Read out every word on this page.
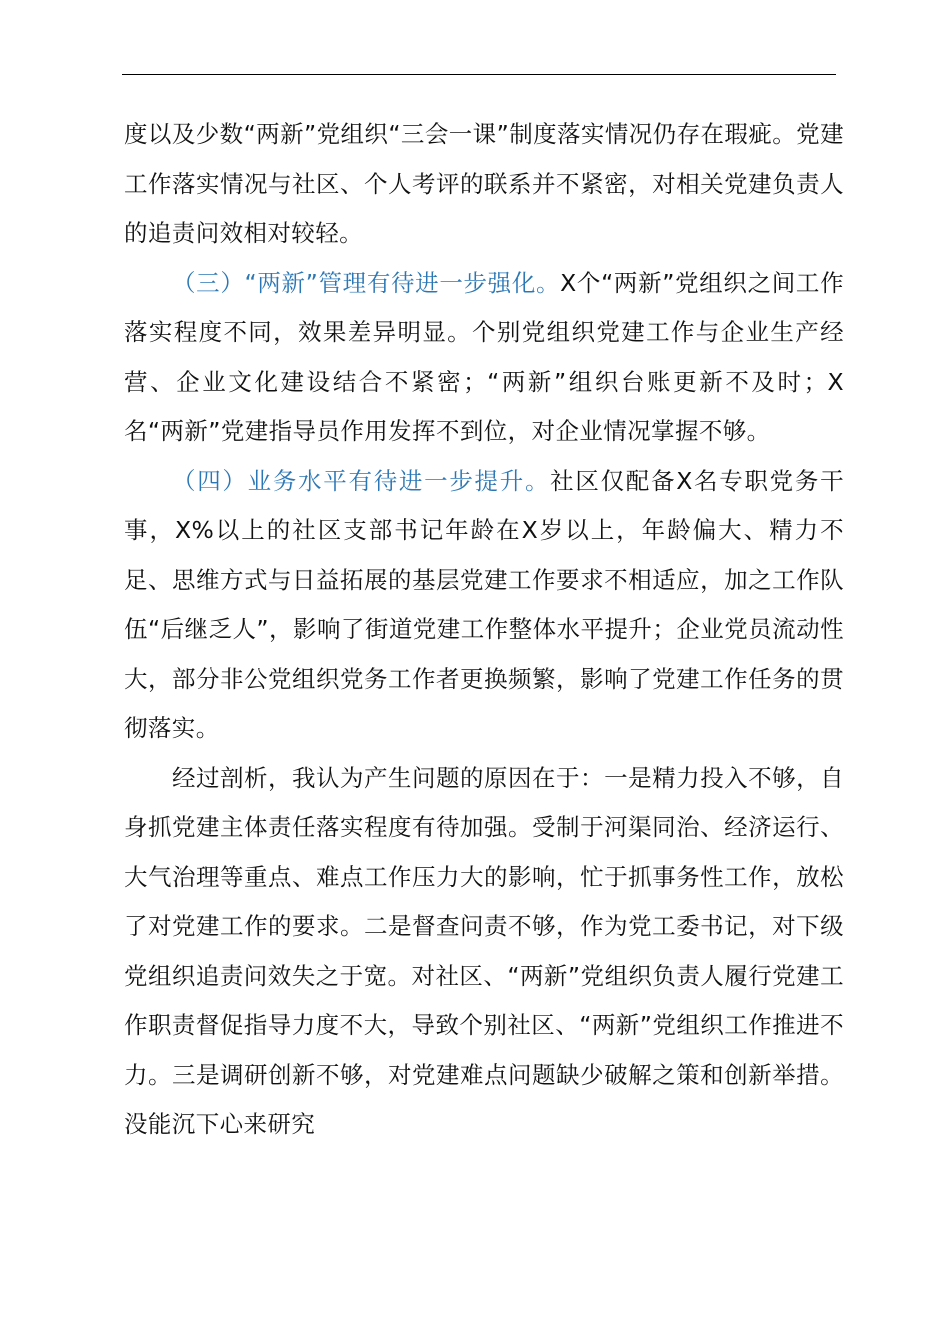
度以及少数“两新”党组织“三会一课”制度落实情况仍存在瑕疵。党建工作落实情况与社区、个人考评的联系并不紧密，对相关党建负责人的追责问效相对较轻。

（三）“两新”管理有待进一步强化。X个“两新”党组织之间工作落实程度不同，效果差异明显。个别党组织党建工作与企业生产经营、企业文化建设结合不紧密；“两新”组织台账更新不及时；X名“两新”党建指导员作用发挥不到位，对企业情况掌握不够。

（四）业务水平有待进一步提升。社区仅配备X名专职党务干事，X%以上的社区支部书记年龄在X岁以上，年龄偏大、精力不足、思维方式与日益拓展的基层党建工作要求不相适应，加之工作队伍“后继乏人”，影响了街道党建工作整体水平提升；企业党员流动性大，部分非公党组织党务工作者更换频繁，影响了党建工作任务的贯彻落实。

经过剖析，我认为产生问题的原因在于：一是精力投入不够，自身抓党建主体责任落实程度有待加强。受制于河渠同治、经济运行、大气治理等重点、难点工作压力大的影响，忙于抓事务性工作，放松了对党建工作的要求。二是督查问责不够，作为党工委书记，对下级党组织追责问效失之于宽。对社区、“两新”党组织负责人履行党建工作职责督促指导力度不大，导致个别社区、“两新”党组织工作推进不力。三是调研创新不够，对党建难点问题缺少破解之策和创新举措。没能沉下心来研究
